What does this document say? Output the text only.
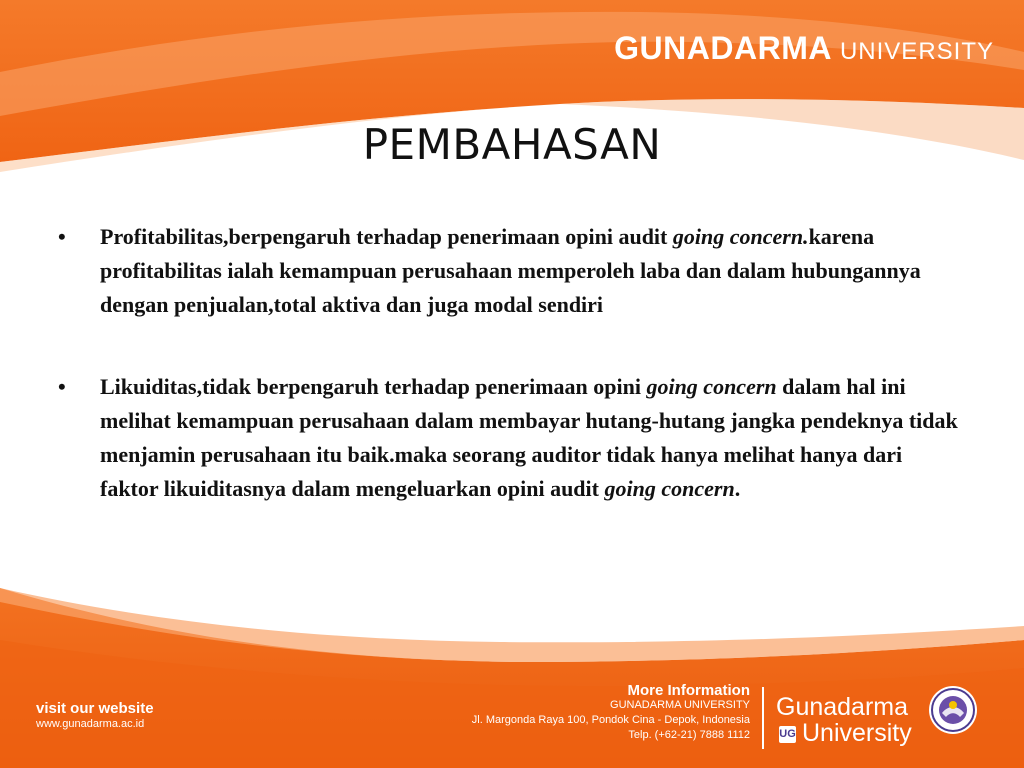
GUNADARMA UNIVERSITY
PEMBAHASAN
• Profitabilitas,berpengaruh terhadap penerimaan opini audit going concern.karena profitabilitas ialah kemampuan perusahaan memperoleh laba dan dalam hubungannya dengan penjualan,total aktiva dan juga modal sendiri
• Likuiditas,tidak berpengaruh terhadap penerimaan opini going concern dalam hal ini melihat kemampuan perusahaan dalam membayar hutang-hutang jangka pendeknya tidak menjamin perusahaan itu baik.maka seorang auditor tidak hanya melihat hanya dari faktor likuiditasnya dalam mengeluarkan opini audit going concern.
visit our website
www.gunadarma.ac.id
More Information
GUNADARMA UNIVERSITY
Jl. Margonda Raya 100, Pondok Cina - Depok, Indonesia
Telp. (+62-21) 7888 1112
Gunadarma
University
UG
